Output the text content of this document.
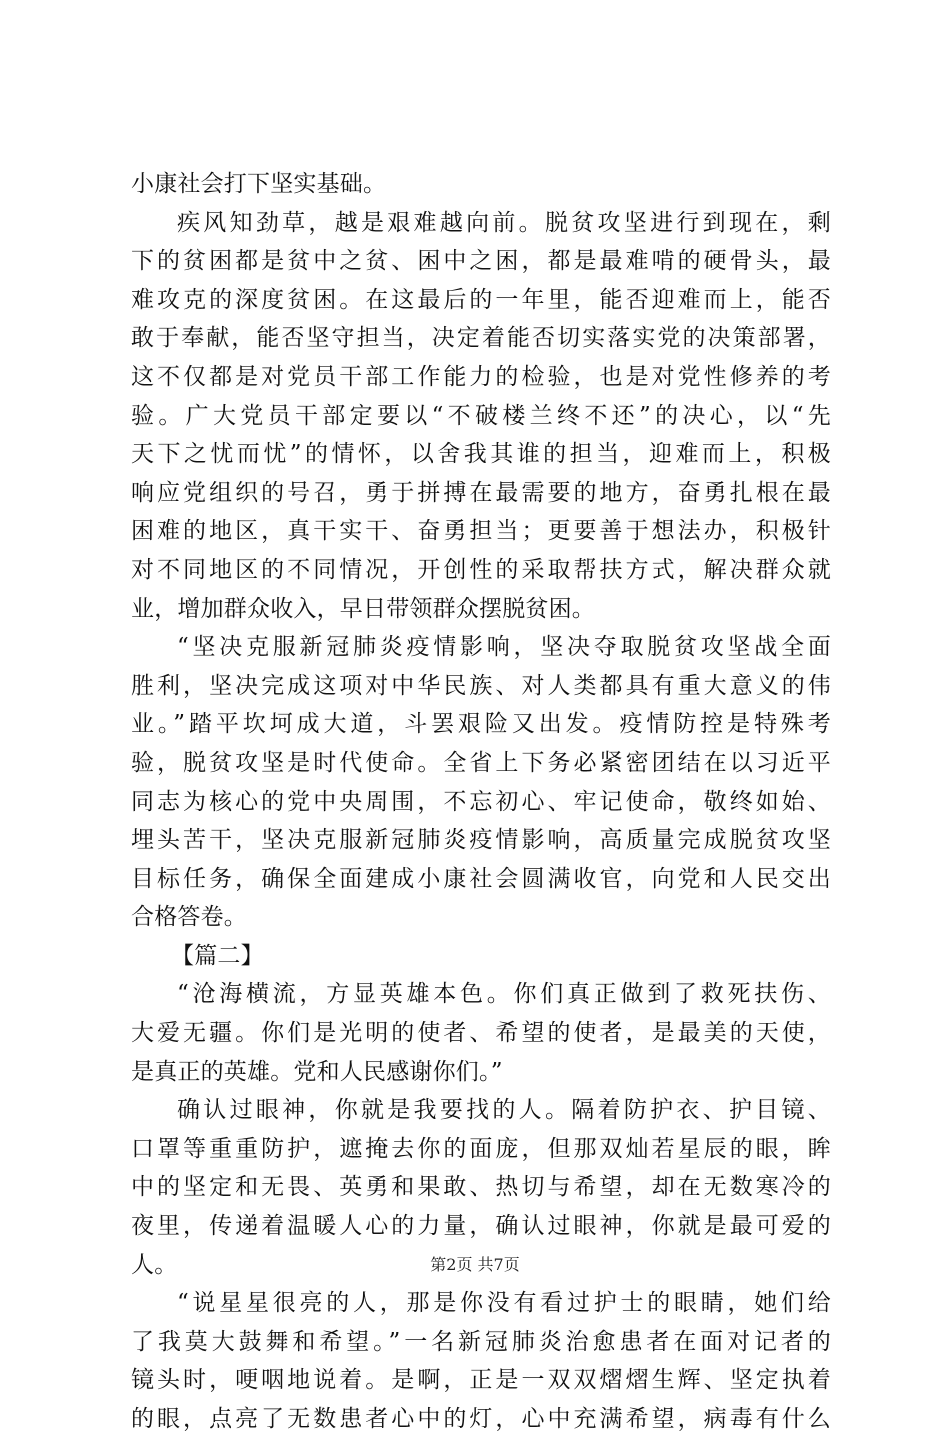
小康社会打下坚实基础。
疾风知劲草，越是艰难越向前。脱贫攻坚进行到现在，剩
下的贫困都是贫中之贫、困中之困，都是最难啃的硬骨头，最
难攻克的深度贫困。在这最后的一年里，能否迎难而上，能否
敢于奉献，能否坚守担当，决定着能否切实落实党的决策部署，
这不仅都是对党员干部工作能力的检验，也是对党性修养的考
验。广大党员干部定要以“不破楼兰终不还”的决心，以“先
天下之忧而忧”的情怀，以舍我其谁的担当，迎难而上，积极
响应党组织的号召，勇于拼搏在最需要的地方，奋勇扎根在最
困难的地区，真干实干、奋勇担当；更要善于想法办，积极针
对不同地区的不同情况，开创性的采取帮扶方式，解决群众就
业，增加群众收入，早日带领群众摆脱贫困。
“坚决克服新冠肺炎疫情影响，坚决夺取脱贫攻坚战全面
胜利，坚决完成这项对中华民族、对人类都具有重大意义的伟
业。”踏平坎坷成大道，斗罢艰险又出发。疫情防控是特殊考
验，脱贫攻坚是时代使命。全省上下务必紧密团结在以习近平
同志为核心的党中央周围，不忘初心、牢记使命，敬终如始、
埋头苦干，坚决克服新冠肺炎疫情影响，高质量完成脱贫攻坚
目标任务，确保全面建成小康社会圆满收官，向党和人民交出
合格答卷。
【篇二】
“沧海横流，方显英雄本色。你们真正做到了救死扶伤、
大爱无疆。你们是光明的使者、希望的使者，是最美的天使，
是真正的英雄。党和人民感谢你们。”
确认过眼神，你就是我要找的人。隔着防护衣、护目镜、
口罩等重重防护，遮掩去你的面庞，但那双灿若星辰的眼，眸
中的坚定和无畏、英勇和果敢、热切与希望，却在无数寒冷的
夜里，传递着温暖人心的力量，确认过眼神，你就是最可爱的
人。
“说星星很亮的人，那是你没有看过护士的眼睛，她们给
了我莫大鼓舞和希望。”一名新冠肺炎治愈患者在面对记者的
镜头时，哽咽地说着。是啊，正是一双双熠熠生辉、坚定执着
的眼，点亮了无数患者心中的灯，心中充满希望，病毒有什么
第2页 共7页
